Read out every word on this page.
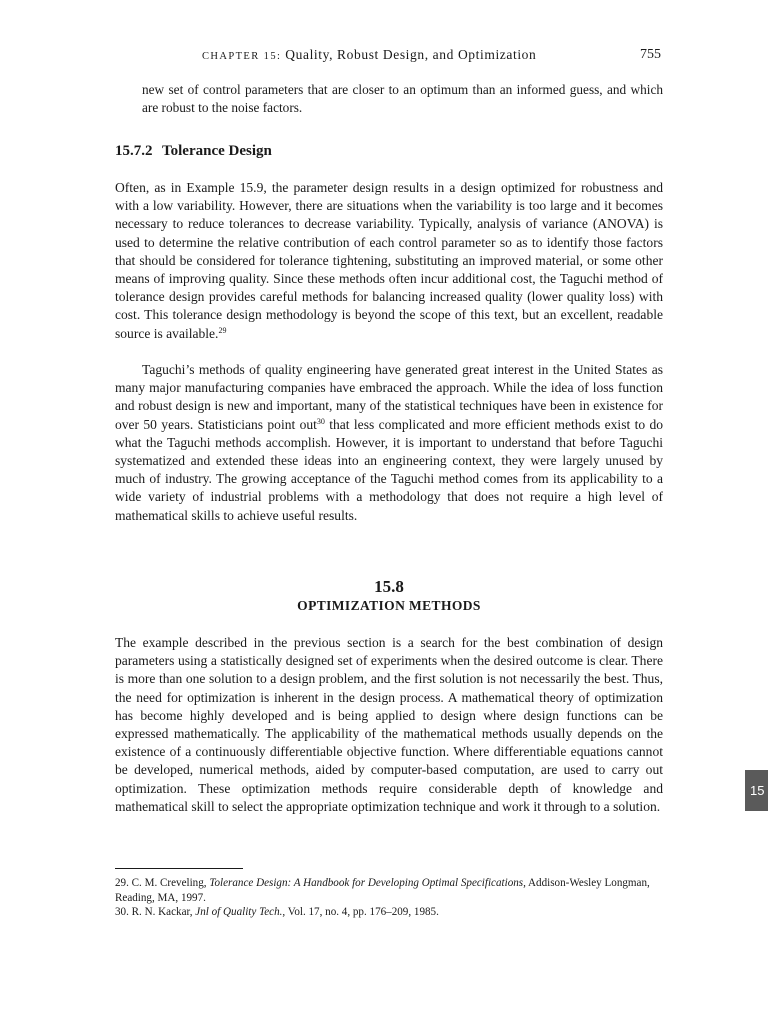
CHAPTER 15: Quality, Robust Design, and Optimization	755
new set of control parameters that are closer to an optimum than an informed guess, and which are robust to the noise factors.
15.7.2 Tolerance Design

Often, as in Example 15.9, the parameter design results in a design optimized for robustness and with a low variability. However, there are situations when the variability is too large and it becomes necessary to reduce tolerances to decrease variability. Typically, analysis of variance (ANOVA) is used to determine the relative contribution of each control parameter so as to identify those factors that should be considered for tolerance tightening, substituting an improved material, or some other means of improving quality. Since these methods often incur additional cost, the Taguchi method of tolerance design provides careful methods for balancing increased quality (lower quality loss) with cost. This tolerance design methodology is beyond the scope of this text, but an excellent, readable source is available.$^{29}$

Taguchi’s methods of quality engineering have generated great interest in the United States as many major manufacturing companies have embraced the approach. While the idea of loss function and robust design is new and important, many of the statistical techniques have been in existence for over 50 years. Statisticians point out$^{30}$ that less complicated and more efficient methods exist to do what the Taguchi methods accomplish. However, it is important to understand that before Taguchi systematized and extended these ideas into an engineering context, they were largely unused by much of industry. The growing acceptance of the Taguchi method comes from its applicability to a wide variety of industrial problems with a methodology that does not require a high level of mathematical skills to achieve useful results.

15.8
OPTIMIZATION METHODS

The example described in the previous section is a search for the best combination of design parameters using a statistically designed set of experiments when the desired outcome is clear. There is more than one solution to a design problem, and the first solution is not necessarily the best. Thus, the need for optimization is inherent in the design process. A mathematical theory of optimization has become highly developed and is being applied to design where design functions can be expressed mathematically. The applicability of the mathematical methods usually depends on the existence of a continuously differentiable objective function. Where differentiable equations cannot be developed, numerical methods, aided by computer-based computation, are used to carry out optimization. These optimization methods require considerable depth of knowledge and mathematical skill to select the appropriate optimization technique and work it through to a solution.

29. C. M. Creveling, Tolerance Design: A Handbook for Developing Optimal Specifications, Addison-Wesley Longman, Reading, MA, 1997.

30. R. N. Kackar, Jnl of Quality Tech., Vol. 17, no. 4, pp. 176–209, 1985.

15
